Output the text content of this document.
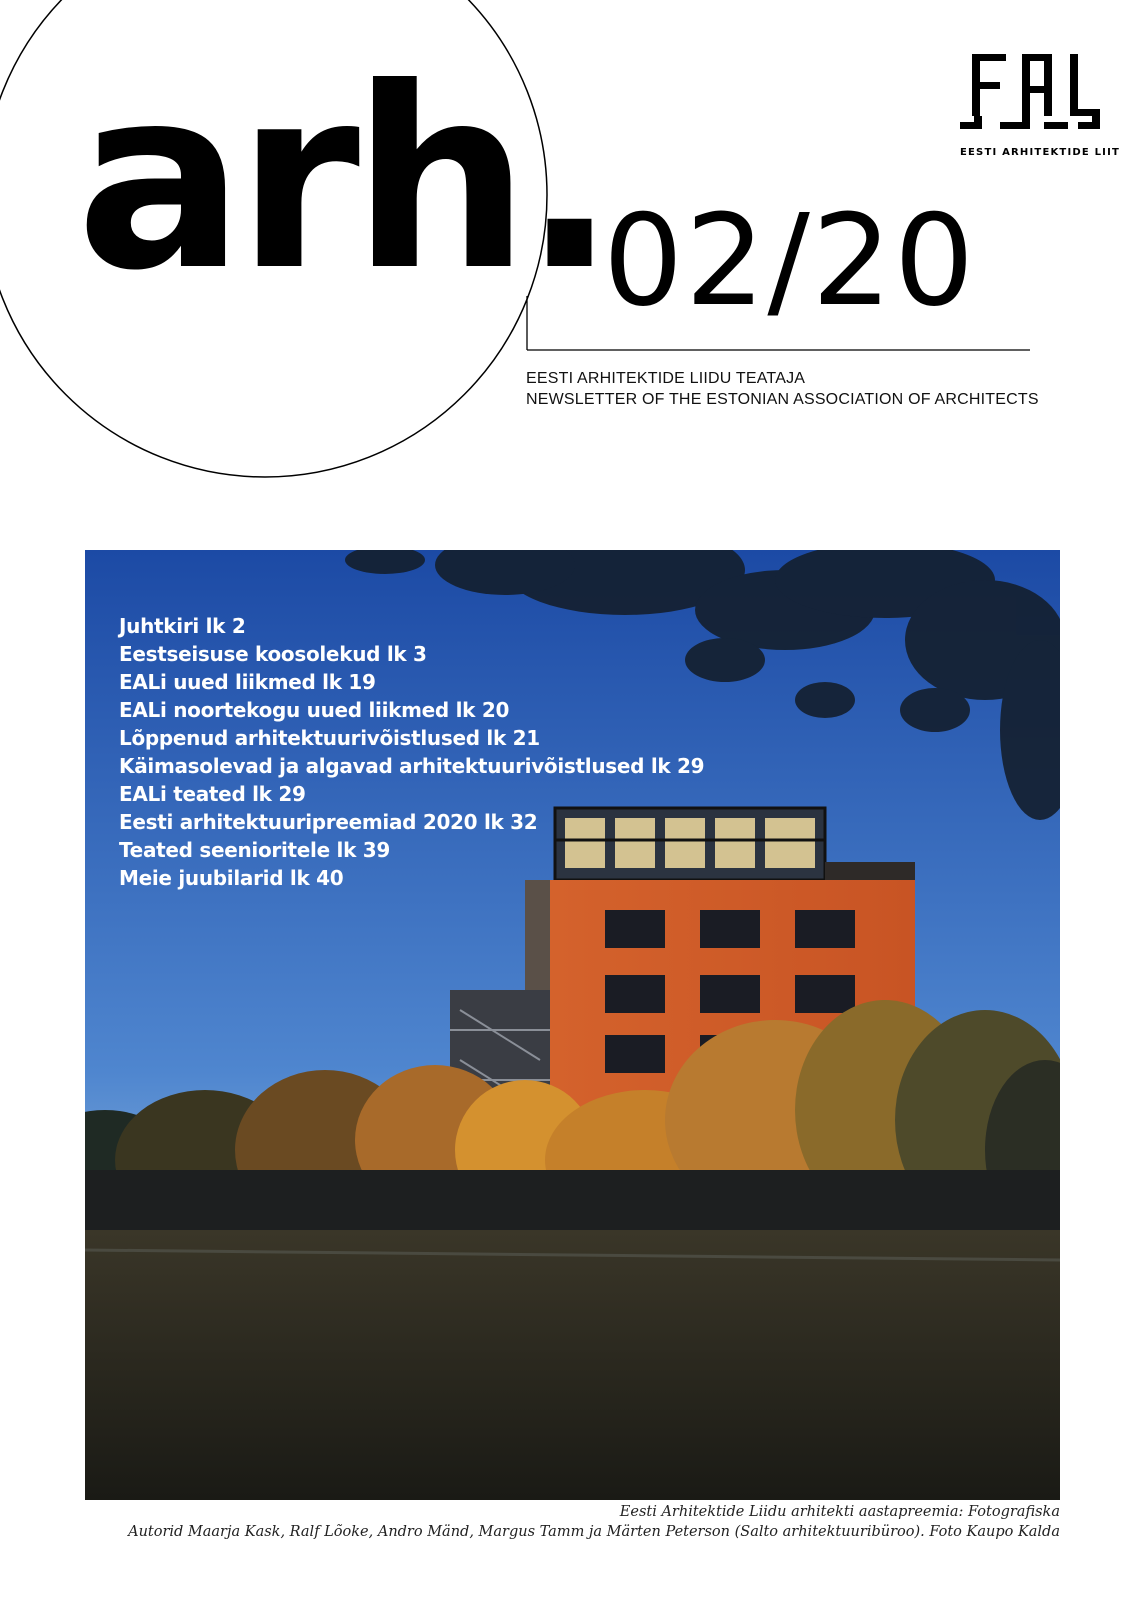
arh.
02/20
EESTI ARHITEKTIDE LIIDU TEATAJA
NEWSLETTER OF THE ESTONIAN ASSOCIATION OF ARCHITECTS
EESTI ARHITEKTIDE LIIT
Juhtkiri lk 2
Eestseisuse koosolekud lk 3
EALi uued liikmed lk 19
EALi noortekogu uued liikmed lk 20
Lõppenud arhitektuurivõistlused lk 21
Käimasolevad ja algavad arhitektuurivõistlused lk 29
EALi teated lk 29
Eesti arhitektuuripreemiad 2020 lk 32
Teated seenioritele lk 39
Meie juubilarid lk 40
Eesti Arhitektide Liidu arhitekti aastapreemia: Fotografiska
Autorid Maarja Kask, Ralf Lõoke, Andro Mänd, Margus Tamm ja Märten Peterson (Salto arhitektuuribüroo). Foto Kaupo Kalda
